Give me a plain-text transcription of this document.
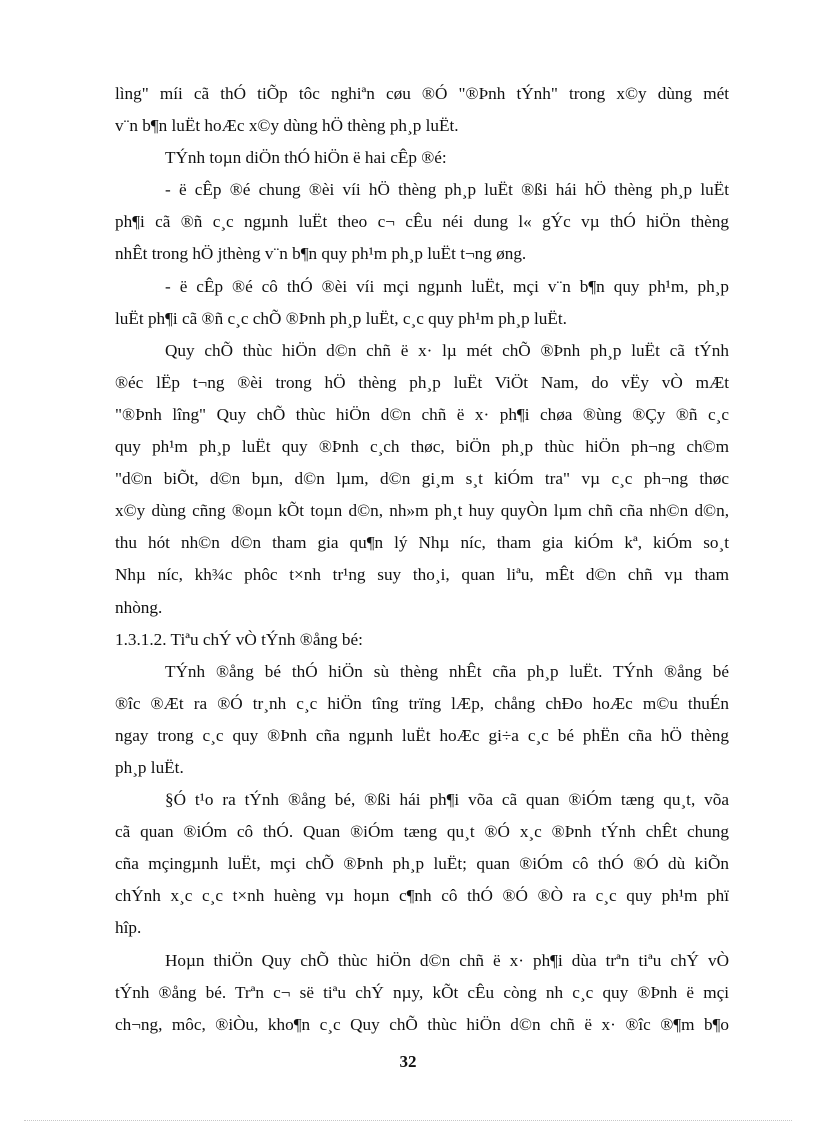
lìng" míi cã thÓ tiÕp tôc nghiªn cøu ®Ó "®Þnh tÝnh" trong x©y dùng mét
v¨n b¶n luËt hoÆc x©y dùng hÖ thèng ph¸p luËt.
TÝnh toµn diÖn thÓ hiÖn ë hai cÊp ®é:
- ë cÊp ®é chung ®èi víi hÖ thèng ph¸p luËt ®ßi hái hÖ thèng ph¸p luËt
ph¶i cã ®ñ c¸c ngµnh luËt theo c¬ cÊu néi dung l« gÝc vµ thÓ hiÖn thèng
nhÊt trong hÖ jthèng v¨n b¶n quy ph¹m ph¸p luËt t¬ng øng.
- ë cÊp ®é cô thÓ ®èi víi mçi ngµnh luËt, mçi v¨n b¶n quy ph¹m, ph¸p
luËt ph¶i cã ®ñ c¸c chÕ ®Þnh ph¸p luËt, c¸c quy ph¹m ph¸p luËt.
Quy chÕ thùc hiÖn d©n chñ ë x· lµ mét chÕ ®Þnh ph¸p luËt cã tÝnh
®éc lËp t¬ng ®èi trong hÖ thèng ph¸p luËt ViÖt Nam, do vËy vÒ mÆt
"®Þnh lîng" Quy chÕ thùc hiÖn d©n chñ ë x· ph¶i chøa ®ùng ®Çy ®ñ c¸c
quy ph¹m ph¸p luËt quy ®Þnh c¸ch thøc, biÖn ph¸p thùc hiÖn ph¬ng ch©m
"d©n biÕt, d©n bµn, d©n lµm, d©n gi¸m s¸t kiÓm tra" vµ c¸c ph¬ng thøc
x©y dùng cñng ®oµn kÕt toµn d©n, nh»m ph¸t huy quyÒn lµm chñ cña nh©n d©n,
thu hót nh©n d©n tham gia qu¶n lý Nhµ níc, tham gia kiÓm kª, kiÓm so¸t
Nhµ níc, kh¾c phôc t×nh tr¹ng suy tho¸i, quan liªu, mÊt d©n chñ vµ tham
nhòng.
1.3.1.2. Tiªu chÝ vÒ tÝnh ®ång bé:
TÝnh ®ång bé thÓ hiÖn sù thèng nhÊt cña ph¸p luËt. TÝnh ®ång bé
®îc ®Æt ra ®Ó tr¸nh c¸c hiÖn tîng trïng lÆp, chång chÐo hoÆc m©u thuÉn
ngay trong c¸c quy ®Þnh cña ngµnh luËt hoÆc gi÷a c¸c bé phËn cña hÖ thèng
ph¸p luËt.
§Ó t¹o ra tÝnh ®ång bé, ®ßi hái ph¶i võa cã quan ®iÓm tæng qu¸t, võa
cã quan ®iÓm cô thÓ. Quan ®iÓm tæng qu¸t ®Ó x¸c ®Þnh tÝnh chÊt chung
cña mçingµnh luËt, mçi chÕ ®Þnh ph¸p luËt; quan ®iÓm cô thÓ ®Ó dù kiÕn
chÝnh x¸c c¸c t×nh huèng vµ hoµn c¶nh cô thÓ ®Ó ®Ò ra c¸c quy ph¹m phï
hîp.
Hoµn thiÖn Quy chÕ thùc hiÖn d©n chñ ë x· ph¶i dùa trªn tiªu chÝ vÒ
tÝnh ®ång bé. Trªn c¬ së tiªu chÝ nµy, kÕt cÊu còng nh c¸c quy ®Þnh ë mçi
ch¬ng, môc, ®iÒu, kho¶n c¸c Quy chÕ thùc hiÖn d©n chñ ë x· ®îc ®¶m b¶o
32
